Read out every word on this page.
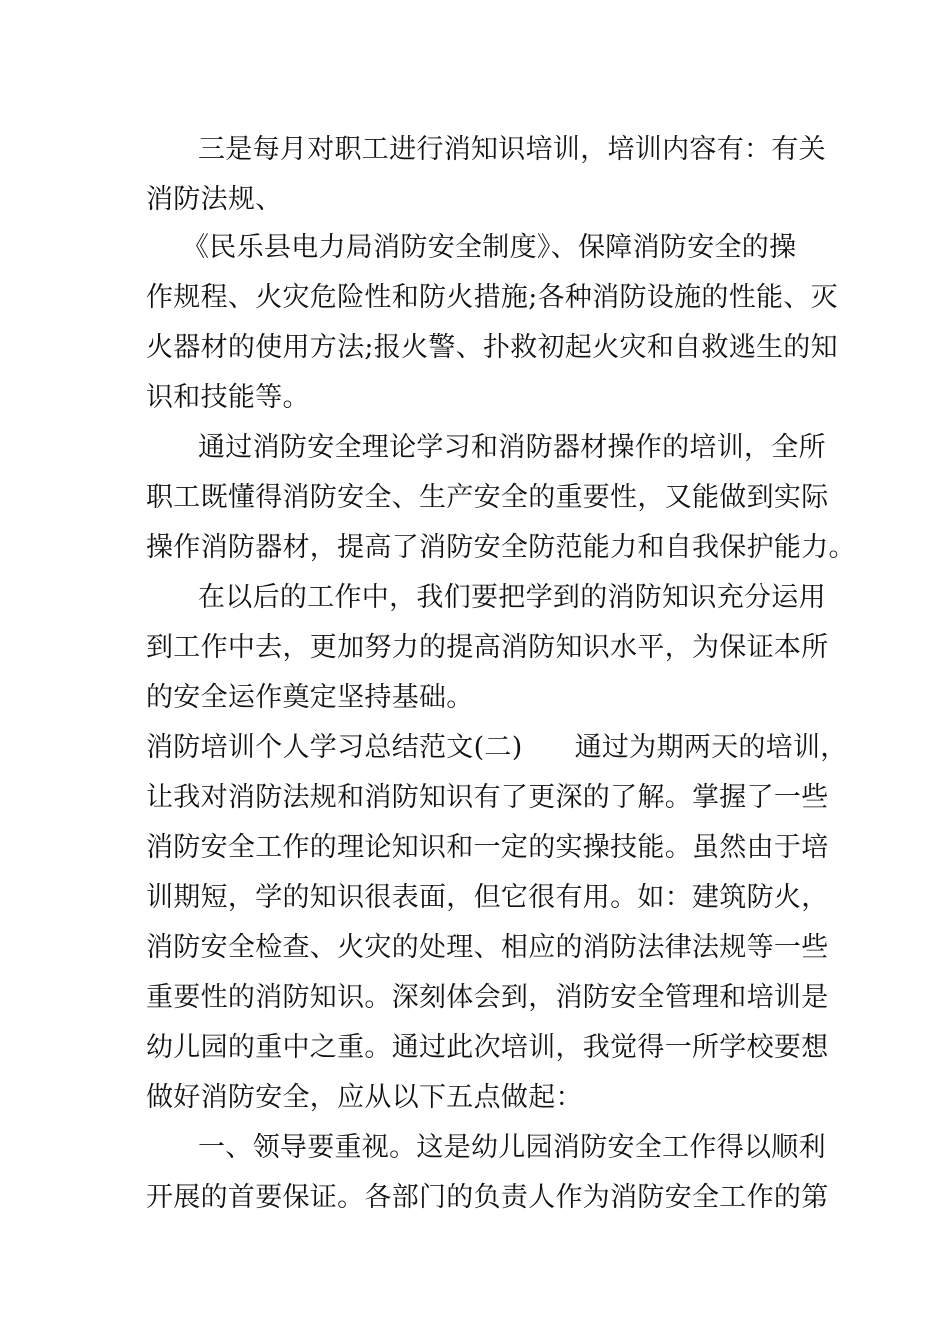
三是每月对职工进行消知识培训，培训内容有：有关
消防法规、
《民乐县电力局消防安全制度》、保障消防安全的操
作规程、火灾危险性和防火措施;各种消防设施的性能、灭
火器材的使用方法;报火警、扑救初起火灾和自救逃生的知
识和技能等。
通过消防安全理论学习和消防器材操作的培训，全所
职工既懂得消防安全、生产安全的重要性，又能做到实际
操作消防器材，提高了消防安全防范能力和自我保护能力。
在以后的工作中，我们要把学到的消防知识充分运用
到工作中去，更加努力的提高消防知识水平，为保证本所
的安全运作奠定坚持基础。
消防培训个人学习总结范文(二) 通过为期两天的培训，
让我对消防法规和消防知识有了更深的了解。掌握了一些
消防安全工作的理论知识和一定的实操技能。虽然由于培
训期短，学的知识很表面，但它很有用。如：建筑防火，
消防安全检查、火灾的处理、相应的消防法律法规等一些
重要性的消防知识。深刻体会到，消防安全管理和培训是
幼儿园的重中之重。通过此次培训，我觉得一所学校要想
做好消防安全，应从以下五点做起：
一、领导要重视。这是幼儿园消防安全工作得以顺利
开展的首要保证。各部门的负责人作为消防安全工作的第
